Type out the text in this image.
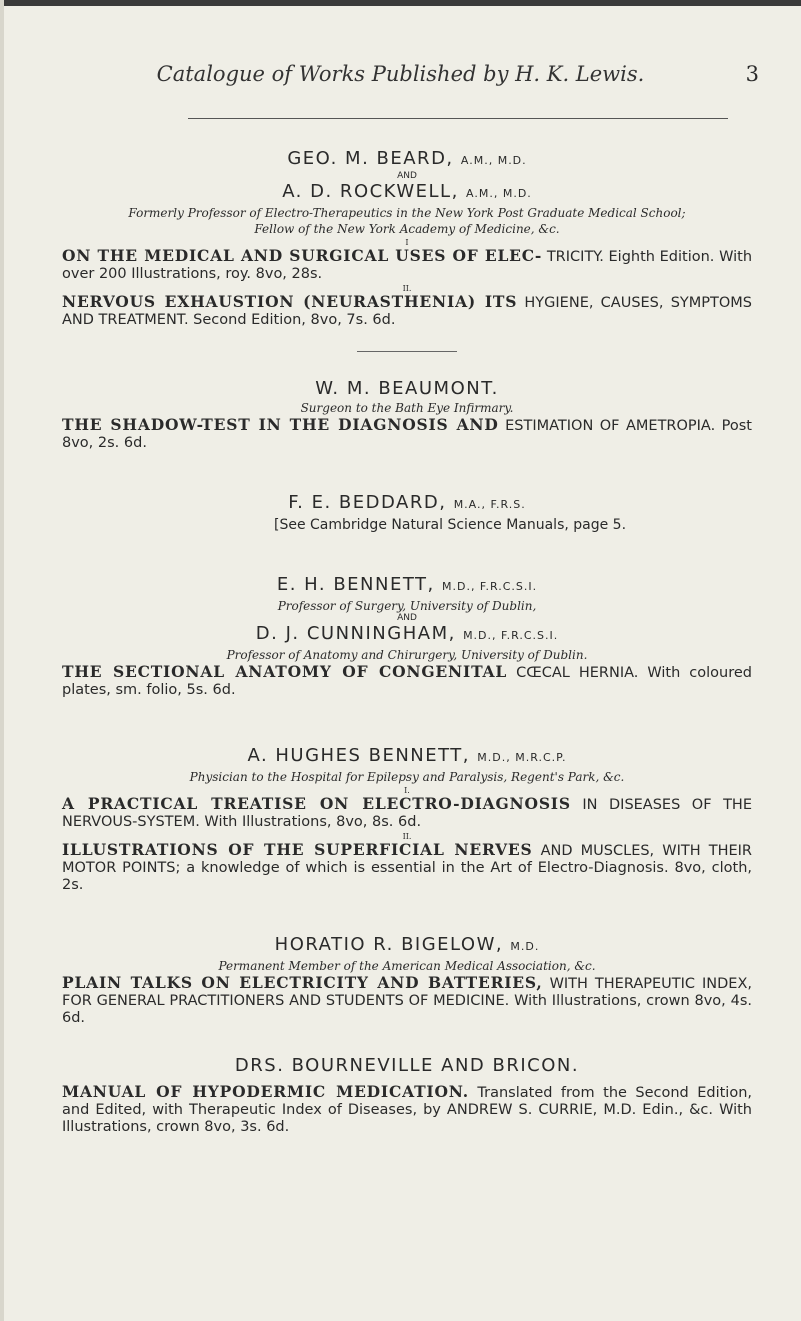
Catalogue of Works Published by H. K. Lewis.	3

GEO. M. BEARD, A.M., M.D.

AND

A. D. ROCKWELL, A.M., M.D.

Formerly Professor of Electro-Therapeutics in the New York Post Graduate Medical School;

Fellow of the New York Academy of Medicine, &c.

I

ON THE MEDICAL AND SURGICAL USES OF ELEC- TRICITY. Eighth Edition. With over 200 Illustrations, roy. 8vo, 28s.

II.

NERVOUS EXHAUSTION (NEURASTHENIA) ITS HYGIENE, CAUSES, SYMPTOMS AND TREATMENT. Second Edition, 8vo, 7s. 6d.

W. M. BEAUMONT.

Surgeon to the Bath Eye Infirmary.

THE SHADOW-TEST IN THE DIAGNOSIS AND ESTIMATION OF AMETROPIA. Post 8vo, 2s. 6d.

F. E. BEDDARD, M.A., F.R.S.

[See Cambridge Natural Science Manuals, page 5.

E. H. BENNETT, M.D., F.R.C.S.I.

Professor of Surgery, University of Dublin,

AND

D. J. CUNNINGHAM, M.D., F.R.C.S.I.

Professor of Anatomy and Chirurgery, University of Dublin.

THE SECTIONAL ANATOMY OF CONGENITAL CŒCAL HERNIA. With coloured plates, sm. folio, 5s. 6d.

A. HUGHES BENNETT, M.D., M.R.C.P.

Physician to the Hospital for Epilepsy and Paralysis, Regent's Park, &c.

I.

A PRACTICAL TREATISE ON ELECTRO-DIAGNOSIS IN DISEASES OF THE NERVOUS-SYSTEM. With Illustrations, 8vo, 8s. 6d.

II.

ILLUSTRATIONS OF THE SUPERFICIAL NERVES AND MUSCLES, WITH THEIR MOTOR POINTS; a knowledge of which is essential in the Art of Electro-Diagnosis. 8vo, cloth, 2s.

HORATIO R. BIGELOW, M.D.

Permanent Member of the American Medical Association, &c.

PLAIN TALKS ON ELECTRICITY AND BATTERIES, WITH THERAPEUTIC INDEX, FOR GENERAL PRACTITIONERS AND STUDENTS OF MEDICINE. With Illustrations, crown 8vo, 4s. 6d.

DRS. BOURNEVILLE AND BRICON.

MANUAL OF HYPODERMIC MEDICATION. Translated from the Second Edition, and Edited, with Therapeutic Index of Diseases, by ANDREW S. CURRIE, M.D. Edin., &c. With Illustrations, crown 8vo, 3s. 6d.
